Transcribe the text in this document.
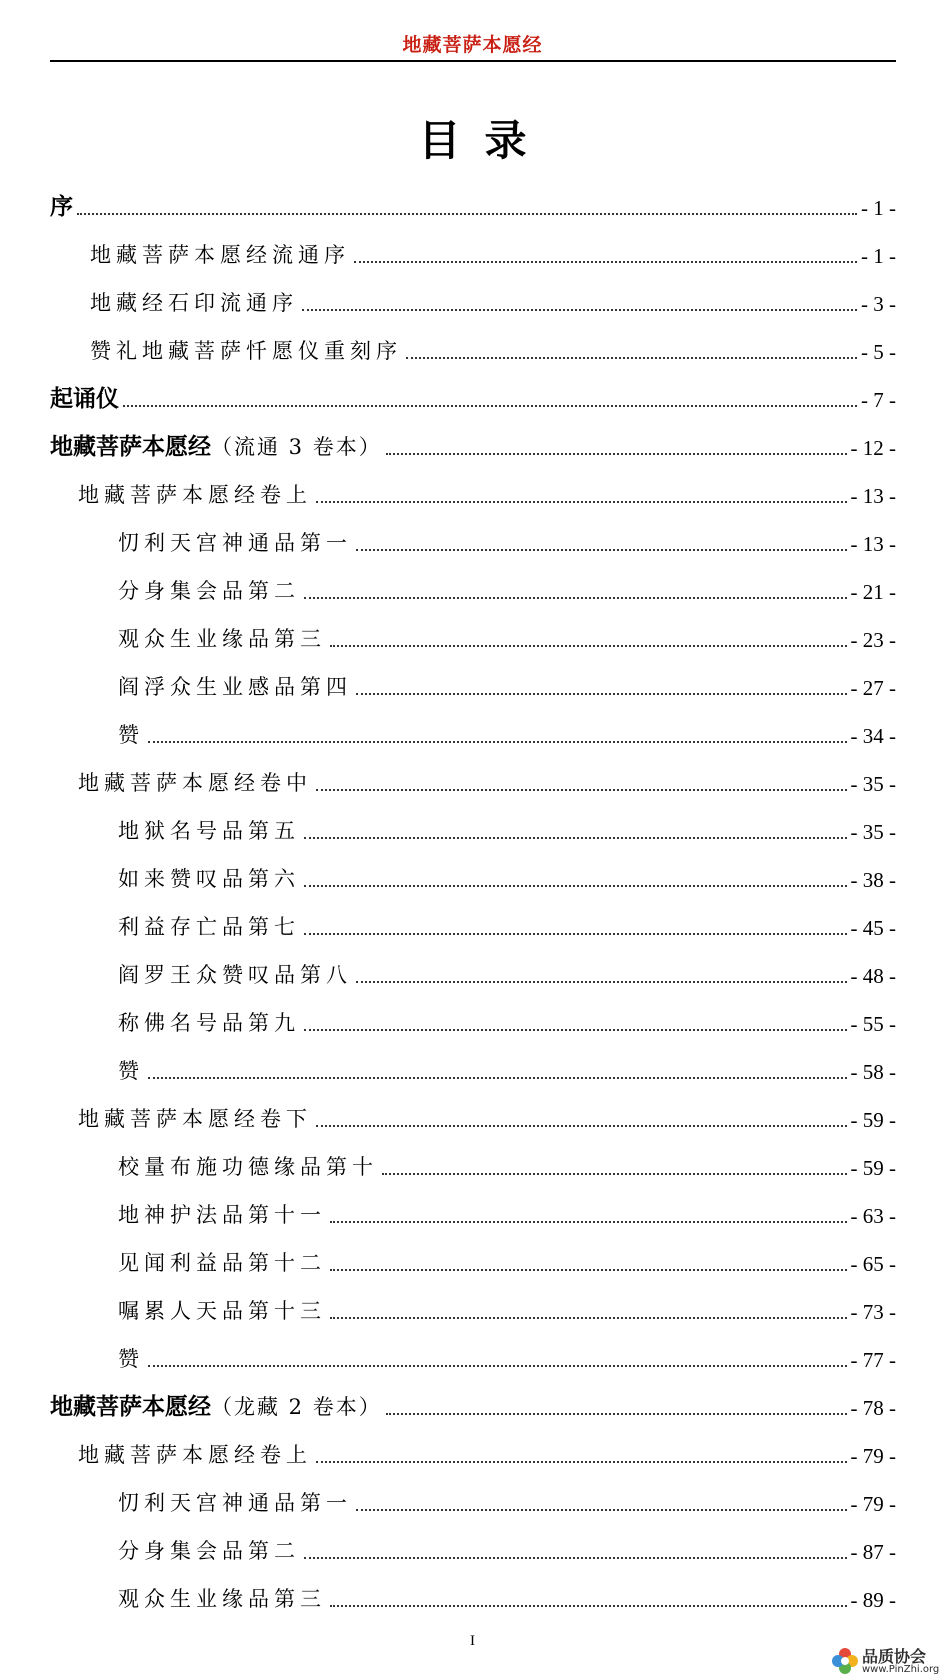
地藏菩萨本愿经
目录
序	- 1 -
地藏菩萨本愿经流通序	- 1 -
地藏经石印流通序	- 3 -
赞礼地藏菩萨忏愿仪重刻序	- 5 -
起诵仪	- 7 -
地藏菩萨本愿经（流通 3 卷本）	- 12 -
地藏菩萨本愿经卷上	- 13 -
忉利天宫神通品第一	- 13 -
分身集会品第二	- 21 -
观众生业缘品第三	- 23 -
阎浮众生业感品第四	- 27 -
赞	- 34 -
地藏菩萨本愿经卷中	- 35 -
地狱名号品第五	- 35 -
如来赞叹品第六	- 38 -
利益存亡品第七	- 45 -
阎罗王众赞叹品第八	- 48 -
称佛名号品第九	- 55 -
赞	- 58 -
地藏菩萨本愿经卷下	- 59 -
校量布施功德缘品第十	- 59 -
地神护法品第十一	- 63 -
见闻利益品第十二	- 65 -
嘱累人天品第十三	- 73 -
赞	- 77 -
地藏菩萨本愿经（龙藏 2 卷本）	- 78 -
地藏菩萨本愿经卷上	- 79 -
忉利天宫神通品第一	- 79 -
分身集会品第二	- 87 -
观众生业缘品第三	- 89 -
I
品质协会
www.PinZhi.org
